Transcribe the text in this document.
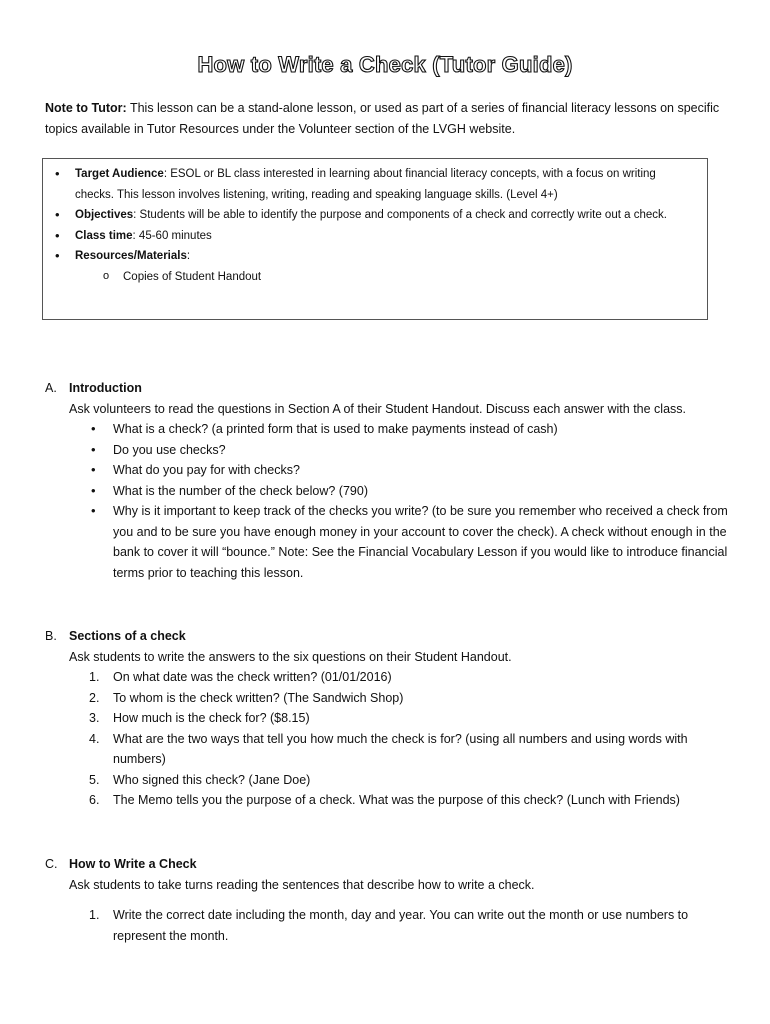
How to Write a Check (Tutor Guide)

Note to Tutor: This lesson can be a stand-alone lesson, or used as part of a series of financial literacy lessons on specific topics available in Tutor Resources under the Volunteer section of the LVGH website.

• Target Audience: ESOL or BL class interested in learning about financial literacy concepts, with a focus on writing checks. This lesson involves listening, writing, reading and speaking language skills. (Level 4+)
• Objectives: Students will be able to identify the purpose and components of a check and correctly write out a check.
• Class time: 45-60 minutes
• Resources/Materials:
o Copies of Student Handout
A. Introduction
Ask volunteers to read the questions in Section A of their Student Handout. Discuss each answer with the class.
• What is a check? (a printed form that is used to make payments instead of cash)
• Do you use checks?
• What do you pay for with checks?
• What is the number of the check below? (790)
• Why is it important to keep track of the checks you write? (to be sure you remember who received a check from you and to be sure you have enough money in your account to cover the check). A check without enough in the bank to cover it will “bounce.” Note: See the Financial Vocabulary Lesson if you would like to introduce financial terms prior to teaching this lesson.
B. Sections of a check
Ask students to write the answers to the six questions on their Student Handout.
1. On what date was the check written? (01/01/2016)
2. To whom is the check written? (The Sandwich Shop)
3. How much is the check for? ($8.15)
4. What are the two ways that tell you how much the check is for? (using all numbers and using words with numbers)
5. Who signed this check? (Jane Doe)
6. The Memo tells you the purpose of a check. What was the purpose of this check? (Lunch with Friends)
C. How to Write a Check
Ask students to take turns reading the sentences that describe how to write a check.
1. Write the correct date including the month, day and year. You can write out the month or use numbers to represent the month.
